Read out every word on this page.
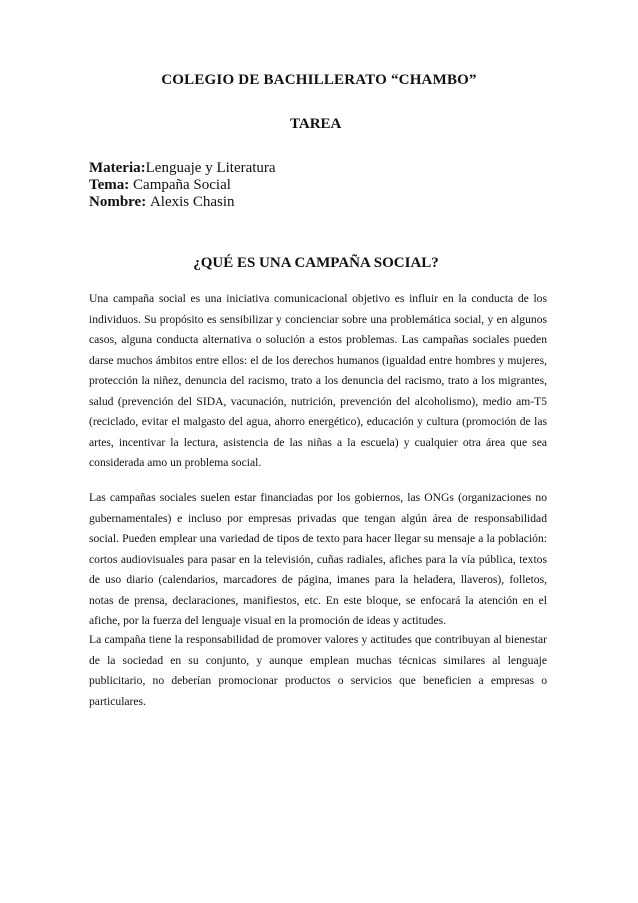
COLEGIO DE BACHILLERATO “CHAMBO”
TAREA
Materia:Lenguaje y Literatura
Tema: Campaña Social
Nombre: Alexis Chasin
¿QUÉ ES UNA CAMPAÑA SOCIAL?

Una campaña social es una iniciativa comunicacional objetivo es influir en la conducta de los individuos. Su propósito es sensibilizar y concienciar sobre una problemática social, y en algunos casos, alguna conducta alternativa o solución a estos problemas. Las campañas sociales pueden darse muchos ámbitos entre ellos: el de los derechos humanos (igualdad entre hombres y mujeres, protección la niñez, denuncia del racismo, trato a los denuncia del racismo, trato a los migrantes, salud (prevención del SIDA, vacunación, nutrición, prevención del alcoholismo), medio am-T5 (reciclado, evitar el malgasto del agua, ahorro energético), educación y cultura (promoción de las artes, incentivar la lectura, asistencia de las niñas a la escuela) y cualquier otra área que sea considerada amo un problema social.

Las campañas sociales suelen estar financiadas por los gobiernos, las ONGs (organizaciones no gubernamentales) e incluso por empresas privadas que tengan algún área de responsabilidad social. Pueden emplear una variedad de tipos de texto para hacer llegar su mensaje a la población: cortos audiovisuales para pasar en la televisión, cuñas radiales, afiches para la vía pública, textos de uso diario (calendarios, marcadores de página, imanes para la heladera, llaveros), folletos, notas de prensa, declaraciones, manifiestos, etc. En este bloque, se enfocará la atención en el afiche, por la fuerza del lenguaje visual en la promoción de ideas y actitudes.

La campaña tiene la responsabilidad de promover valores y actitudes que contribuyan al bienestar de la sociedad en su conjunto, y aunque emplean muchas técnicas similares al lenguaje publicitario, no deberían promocionar productos o servicios que beneficien a empresas o particulares.
